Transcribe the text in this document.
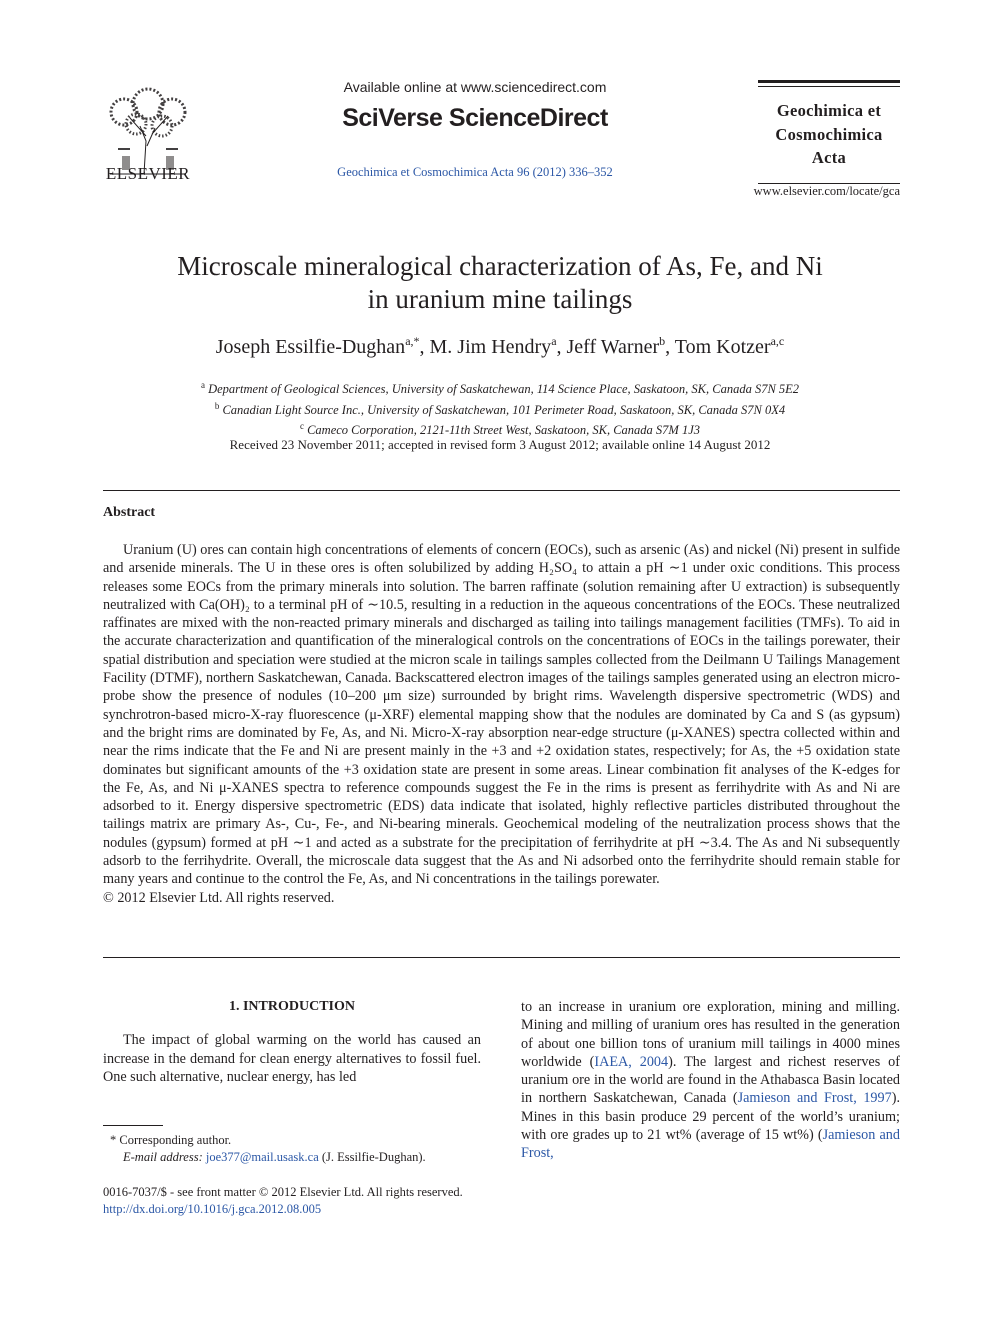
ELSEVIER
Available online at www.sciencedirect.com
SciVerse ScienceDirect
Geochimica et Cosmochimica Acta 96 (2012) 336–352
Geochimica et
Cosmochimica
Acta
www.elsevier.com/locate/gca
Microscale mineralogical characterization of As, Fe, and Ni
in uranium mine tailings
Joseph Essilfie-Dughan$^{a,*}$, M. Jim Hendry$^a$, Jeff Warner$^b$, Tom Kotzer$^{a,c}$
$^a$ Department of Geological Sciences, University of Saskatchewan, 114 Science Place, Saskatoon, SK, Canada S7N 5E2
$^b$ Canadian Light Source Inc., University of Saskatchewan, 101 Perimeter Road, Saskatoon, SK, Canada S7N 0X4
$^c$ Cameco Corporation, 2121-11th Street West, Saskatoon, SK, Canada S7M 1J3
Received 23 November 2011; accepted in revised form 3 August 2012; available online 14 August 2012
Abstract

Uranium (U) ores can contain high concentrations of elements of concern (EOCs), such as arsenic (As) and nickel (Ni) present in sulfide and arsenide minerals. The U in these ores is often solubilized by adding H₂SO₄ to attain a pH ∼1 under oxic conditions. This process releases some EOCs from the primary minerals into solution. The barren raffinate (solution remaining after U extraction) is subsequently neutralized with Ca(OH)₂ to a terminal pH of ∼10.5, resulting in a reduction in the aqueous concentrations of the EOCs. These neutralized raffinates are mixed with the non-reacted primary minerals and discharged as tailing into tailings management facilities (TMFs). To aid in the accurate characterization and quantification of the mineralogical controls on the concentrations of EOCs in the tailings porewater, their spatial distribution and speciation were studied at the micron scale in tailings samples collected from the Deilmann U Tailings Management Facility (DTMF), northern Saskatchewan, Canada. Backscattered electron images of the tailings samples generated using an electron microprobe show the presence of nodules (10–200 μm size) surrounded by bright rims. Wavelength dispersive spectrometric (WDS) and synchrotron-based micro-X-ray fluorescence (μ-XRF) elemental mapping show that the nodules are dominated by Ca and S (as gypsum) and the bright rims are dominated by Fe, As, and Ni. Micro-X-ray absorption near-edge structure (μ-XANES) spectra collected within and near the rims indicate that the Fe and Ni are present mainly in the +3 and +2 oxidation states, respectively; for As, the +5 oxidation state dominates but significant amounts of the +3 oxidation state are present in some areas. Linear combination fit analyses of the K-edges for the Fe, As, and Ni μ-XANES spectra to reference compounds suggest the Fe in the rims is present as ferrihydrite with As and Ni are adsorbed to it. Energy dispersive spectrometric (EDS) data indicate that isolated, highly reflective particles distributed throughout the tailings matrix are primary As-, Cu-, Fe-, and Ni-bearing minerals. Geochemical modeling of the neutralization process shows that the nodules (gypsum) formed at pH ∼1 and acted as a substrate for the precipitation of ferrihydrite at pH ∼3.4. The As and Ni subsequently adsorb to the ferrihydrite. Overall, the microscale data suggest that the As and Ni adsorbed onto the ferrihydrite should remain stable for many years and continue to the control the Fe, As, and Ni concentrations in the tailings porewater.

© 2012 Elsevier Ltd. All rights reserved.

1. INTRODUCTION

The impact of global warming on the world has caused an increase in the demand for clean energy alternatives to fossil fuel. One such alternative, nuclear energy, has led

to an increase in uranium ore exploration, mining and milling. Mining and milling of uranium ores has resulted in the generation of about one billion tons of uranium mill tailings in 4000 mines worldwide (IAEA, 2004). The largest and richest reserves of uranium ore in the world are found in the Athabasca Basin located in northern Saskatchewan, Canada (Jamieson and Frost, 1997). Mines in this basin produce 29 percent of the world’s uranium; with ore grades up to 21 wt% (average of 15 wt%) (Jamieson and Frost,

* Corresponding author.
E-mail address: joe377@mail.usask.ca (J. Essilfie-Dughan).
0016-7037/$ - see front matter © 2012 Elsevier Ltd. All rights reserved.
http://dx.doi.org/10.1016/j.gca.2012.08.005
